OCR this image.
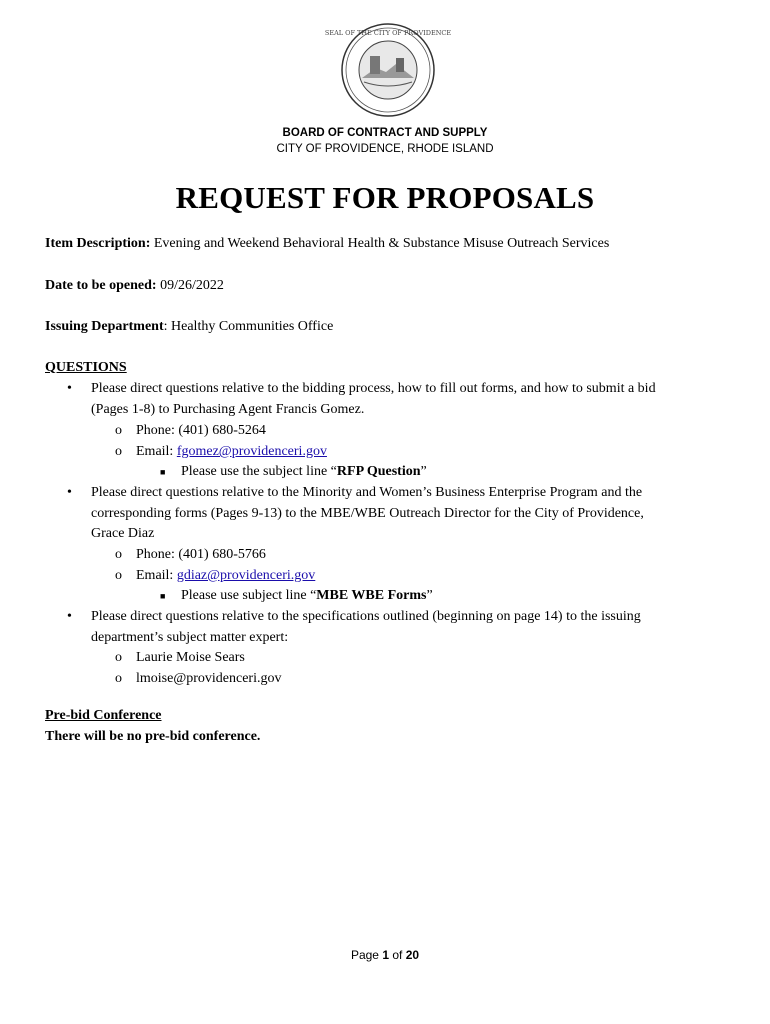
SEAL OF THE CITY OF PROVIDENCE
BOARD OF CONTRACT AND SUPPLY
CITY OF PROVIDENCE, RHODE ISLAND
REQUEST FOR PROPOSALS
Item Description: Evening and Weekend Behavioral Health & Substance Misuse Outreach Services
Date to be opened: 09/26/2022
Issuing Department: Healthy Communities Office
QUESTIONS
• Please direct questions relative to the bidding process, how to fill out forms, and how to submit a bid
(Pages 1-8) to Purchasing Agent Francis Gomez.
o Phone: (401) 680-5264
o Email: fgomez@providenceri.gov
■ Please use the subject line “RFP Question”
• Please direct questions relative to the Minority and Women’s Business Enterprise Program and the
corresponding forms (Pages 9-13) to the MBE/WBE Outreach Director for the City of Providence,
Grace Diaz
o Phone: (401) 680-5766
o Email: gdiaz@providenceri.gov
■ Please use subject line “MBE WBE Forms”
• Please direct questions relative to the specifications outlined (beginning on page 14) to the issuing
department’s subject matter expert:
o Laurie Moise Sears
o lmoise@providenceri.gov
Pre-bid Conference
There will be no pre-bid conference.
Page 1 of 20
